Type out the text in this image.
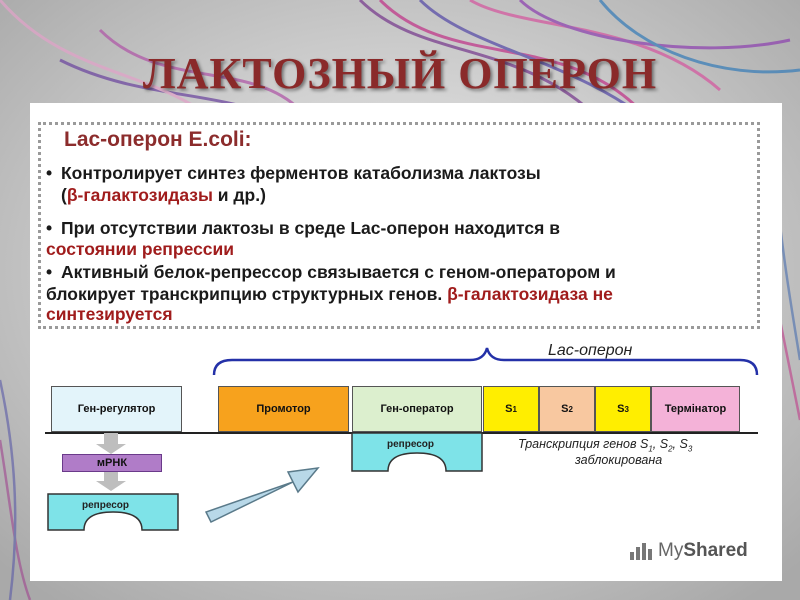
ЛАКТОЗНЫЙ ОПЕРОН
Lac-оперон E.coli:
• Контролирует синтез ферментов катаболизма лактозы
(β-галактозидазы и др.)
• При отсутствии лактозы в среде Lac-оперон находится в
состоянии репрессии
• Активный белок-репрессор связывается с геном-оператором и
блокирует транскрипцию структурных генов. β-галактозидаза не
синтезируется
Lac-оперон
Ген-регулятор	Промотор	Ген-оператор	S 1	S 2	S 3	Термінатор
мРНК
репресор
репресор	Транскрипция генов $S_1$, $S_2$, $S_3$
заблокирована
MyShared
